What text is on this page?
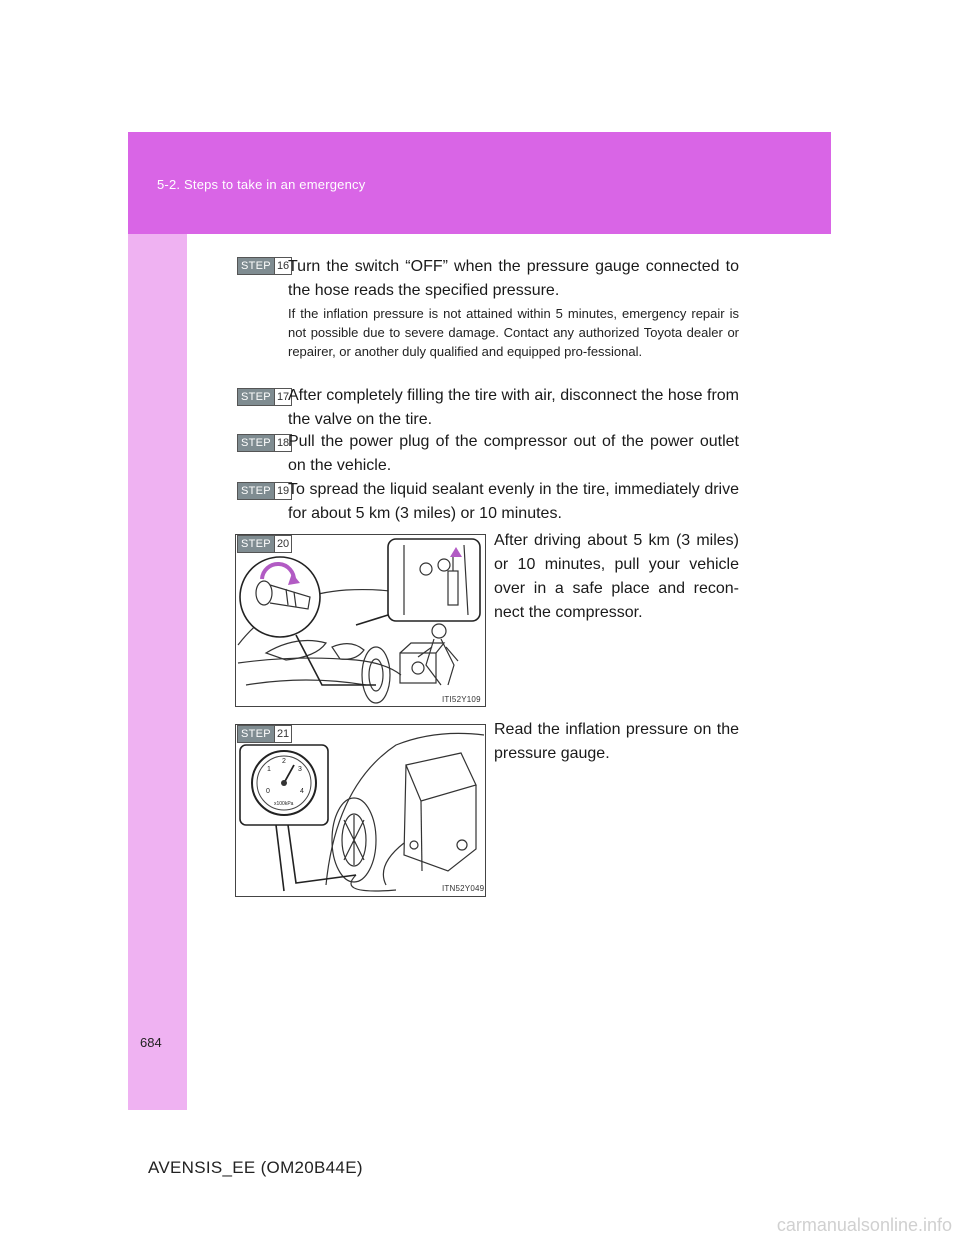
5-2. Steps to take in an emergency
STEP 16

Turn the switch “OFF” when the pressure gauge connected to the hose reads the specified pressure.

If the inflation pressure is not attained within 5 minutes, emergency repair is not possible due to severe damage. Contact any authorized Toyota dealer or repairer, or another duly qualified and equipped pro-fessional.

STEP 17

After completely filling the tire with air, disconnect the hose from the valve on the tire.

STEP 18

Pull the power plug of the compressor out of the power outlet on the vehicle.

STEP 19

To spread the liquid sealant evenly in the tire, immediately drive for about 5 km (3 miles) or 10 minutes.

ITI52Y109
STEP 20	After driving about 5 km (3 miles) or 10 minutes, pull your vehicle over in a safe place and recon-nect the compressor.

0
1
2
3
4
x100kPa
ITN52Y049
STEP 21	Read the inflation pressure on the pressure gauge.

684
AVENSIS_EE (OM20B44E)
carmanualsonline.info
